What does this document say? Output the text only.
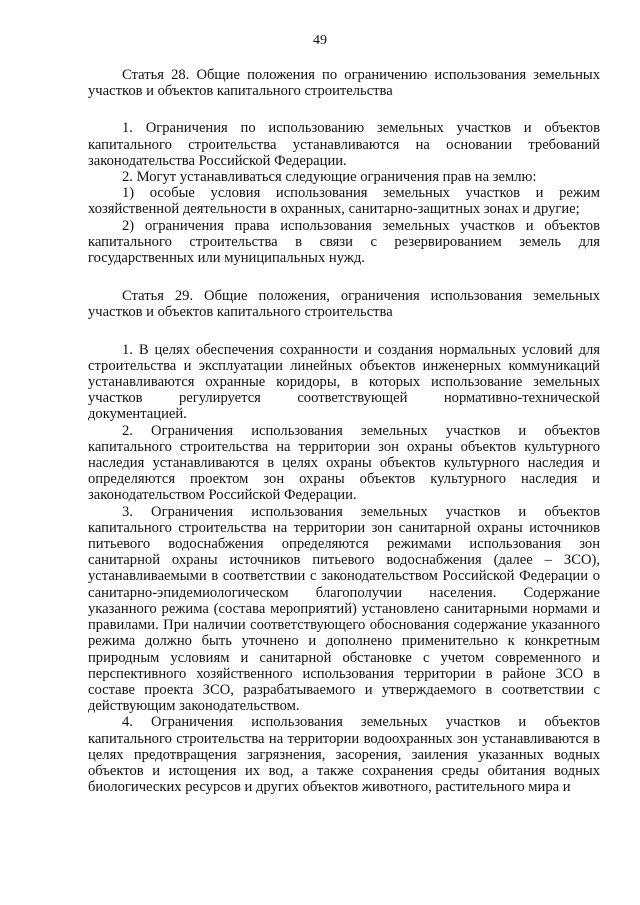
49

Статья 28. Общие положения по ограничению использования земельных участков и объектов капитального строительства

1. Ограничения по использованию земельных участков и объектов капитального строительства устанавливаются на основании требований законодательства Российской Федерации.

2. Могут устанавливаться следующие ограничения прав на землю:

1) особые условия использования земельных участков и режим хозяйственной деятельности в охранных, санитарно-защитных зонах и другие;

2) ограничения права использования земельных участков и объектов капитального строительства в связи с резервированием земель для государственных или муниципальных нужд.

Статья 29. Общие положения, ограничения использования земельных участков и объектов капитального строительства

1. В целях обеспечения сохранности и создания нормальных условий для строительства и эксплуатации линейных объектов инженерных коммуникаций устанавливаются охранные коридоры, в которых использование земельных участков регулируется соответствующей нормативно-технической документацией.

2. Ограничения использования земельных участков и объектов капитального строительства на территории зон охраны объектов культурного наследия устанавливаются в целях охраны объектов культурного наследия и определяются проектом зон охраны объектов культурного наследия и законодательством Российской Федерации.

3. Ограничения использования земельных участков и объектов капитального строительства на территории зон санитарной охраны источников питьевого водоснабжения определяются режимами использования зон санитарной охраны источников питьевого водоснабжения (далее – ЗСО), устанавливаемыми в соответствии с законодательством Российской Федерации о санитарно-эпидемиологическом благополучии населения. Содержание указанного режима (состава мероприятий) установлено санитарными нормами и правилами. При наличии соответствующего обоснования содержание указанного режима должно быть уточнено и дополнено применительно к конкретным природным условиям и санитарной обстановке с учетом современного и перспективного хозяйственного использования территории в районе ЗСО в составе проекта ЗСО, разрабатываемого и утверждаемого в соответствии с действующим законодательством.

4. Ограничения использования земельных участков и объектов капитального строительства на территории водоохранных зон устанавливаются в целях предотвращения загрязнения, засорения, заиления указанных водных объектов и истощения их вод, а также сохранения среды обитания водных биологических ресурсов и других объектов животного, растительного мира и
